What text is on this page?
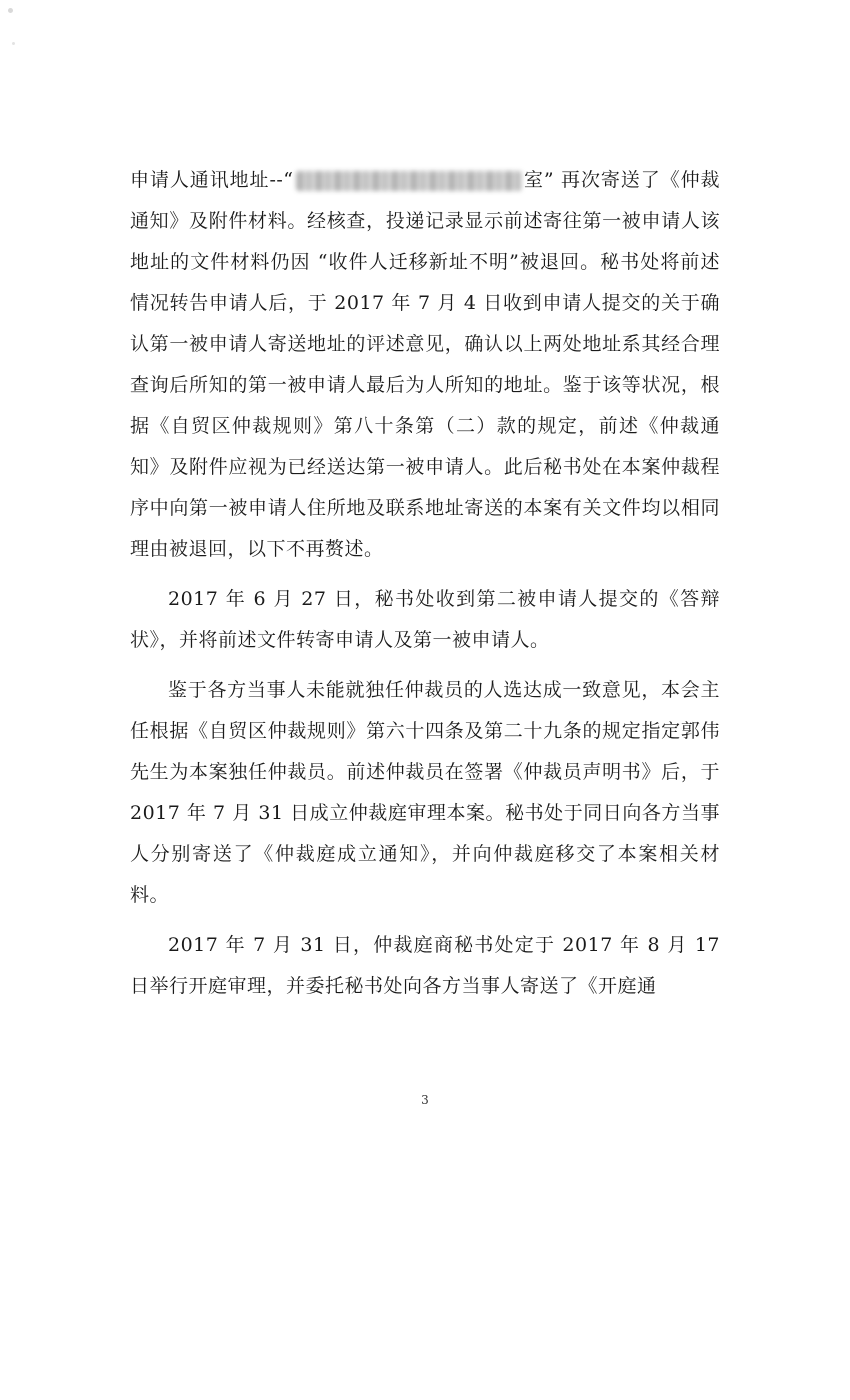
申请人通讯地址--“	室” 再次寄送了《仲裁通知》及附件材料。经核查，投递记录显示前述寄往第一被申请人该地址的文件材料仍因 “收件人迁移新址不明”被退回。秘书处将前述情况转告申请人后，于 2017 年 7 月 4 日收到申请人提交的关于确认第一被申请人寄送地址的评述意见，确认以上两处地址系其经合理查询后所知的第一被申请人最后为人所知的地址。鉴于该等状况，根据《自贸区仲裁规则》第八十条第（二）款的规定，前述《仲裁通知》及附件应视为已经送达第一被申请人。此后秘书处在本案仲裁程序中向第一被申请人住所地及联系地址寄送的本案有关文件均以相同理由被退回，以下不再赘述。

2017 年 6 月 27 日，秘书处收到第二被申请人提交的《答辩状》，并将前述文件转寄申请人及第一被申请人。

鉴于各方当事人未能就独任仲裁员的人选达成一致意见，本会主任根据《自贸区仲裁规则》第六十四条及第二十九条的规定指定郭伟先生为本案独任仲裁员。前述仲裁员在签署《仲裁员声明书》后，于 2017 年 7 月 31 日成立仲裁庭审理本案。秘书处于同日向各方当事人分别寄送了《仲裁庭成立通知》，并向仲裁庭移交了本案相关材料。

2017 年 7 月 31 日，仲裁庭商秘书处定于 2017 年 8 月 17 日举行开庭审理，并委托秘书处向各方当事人寄送了《开庭通

3
